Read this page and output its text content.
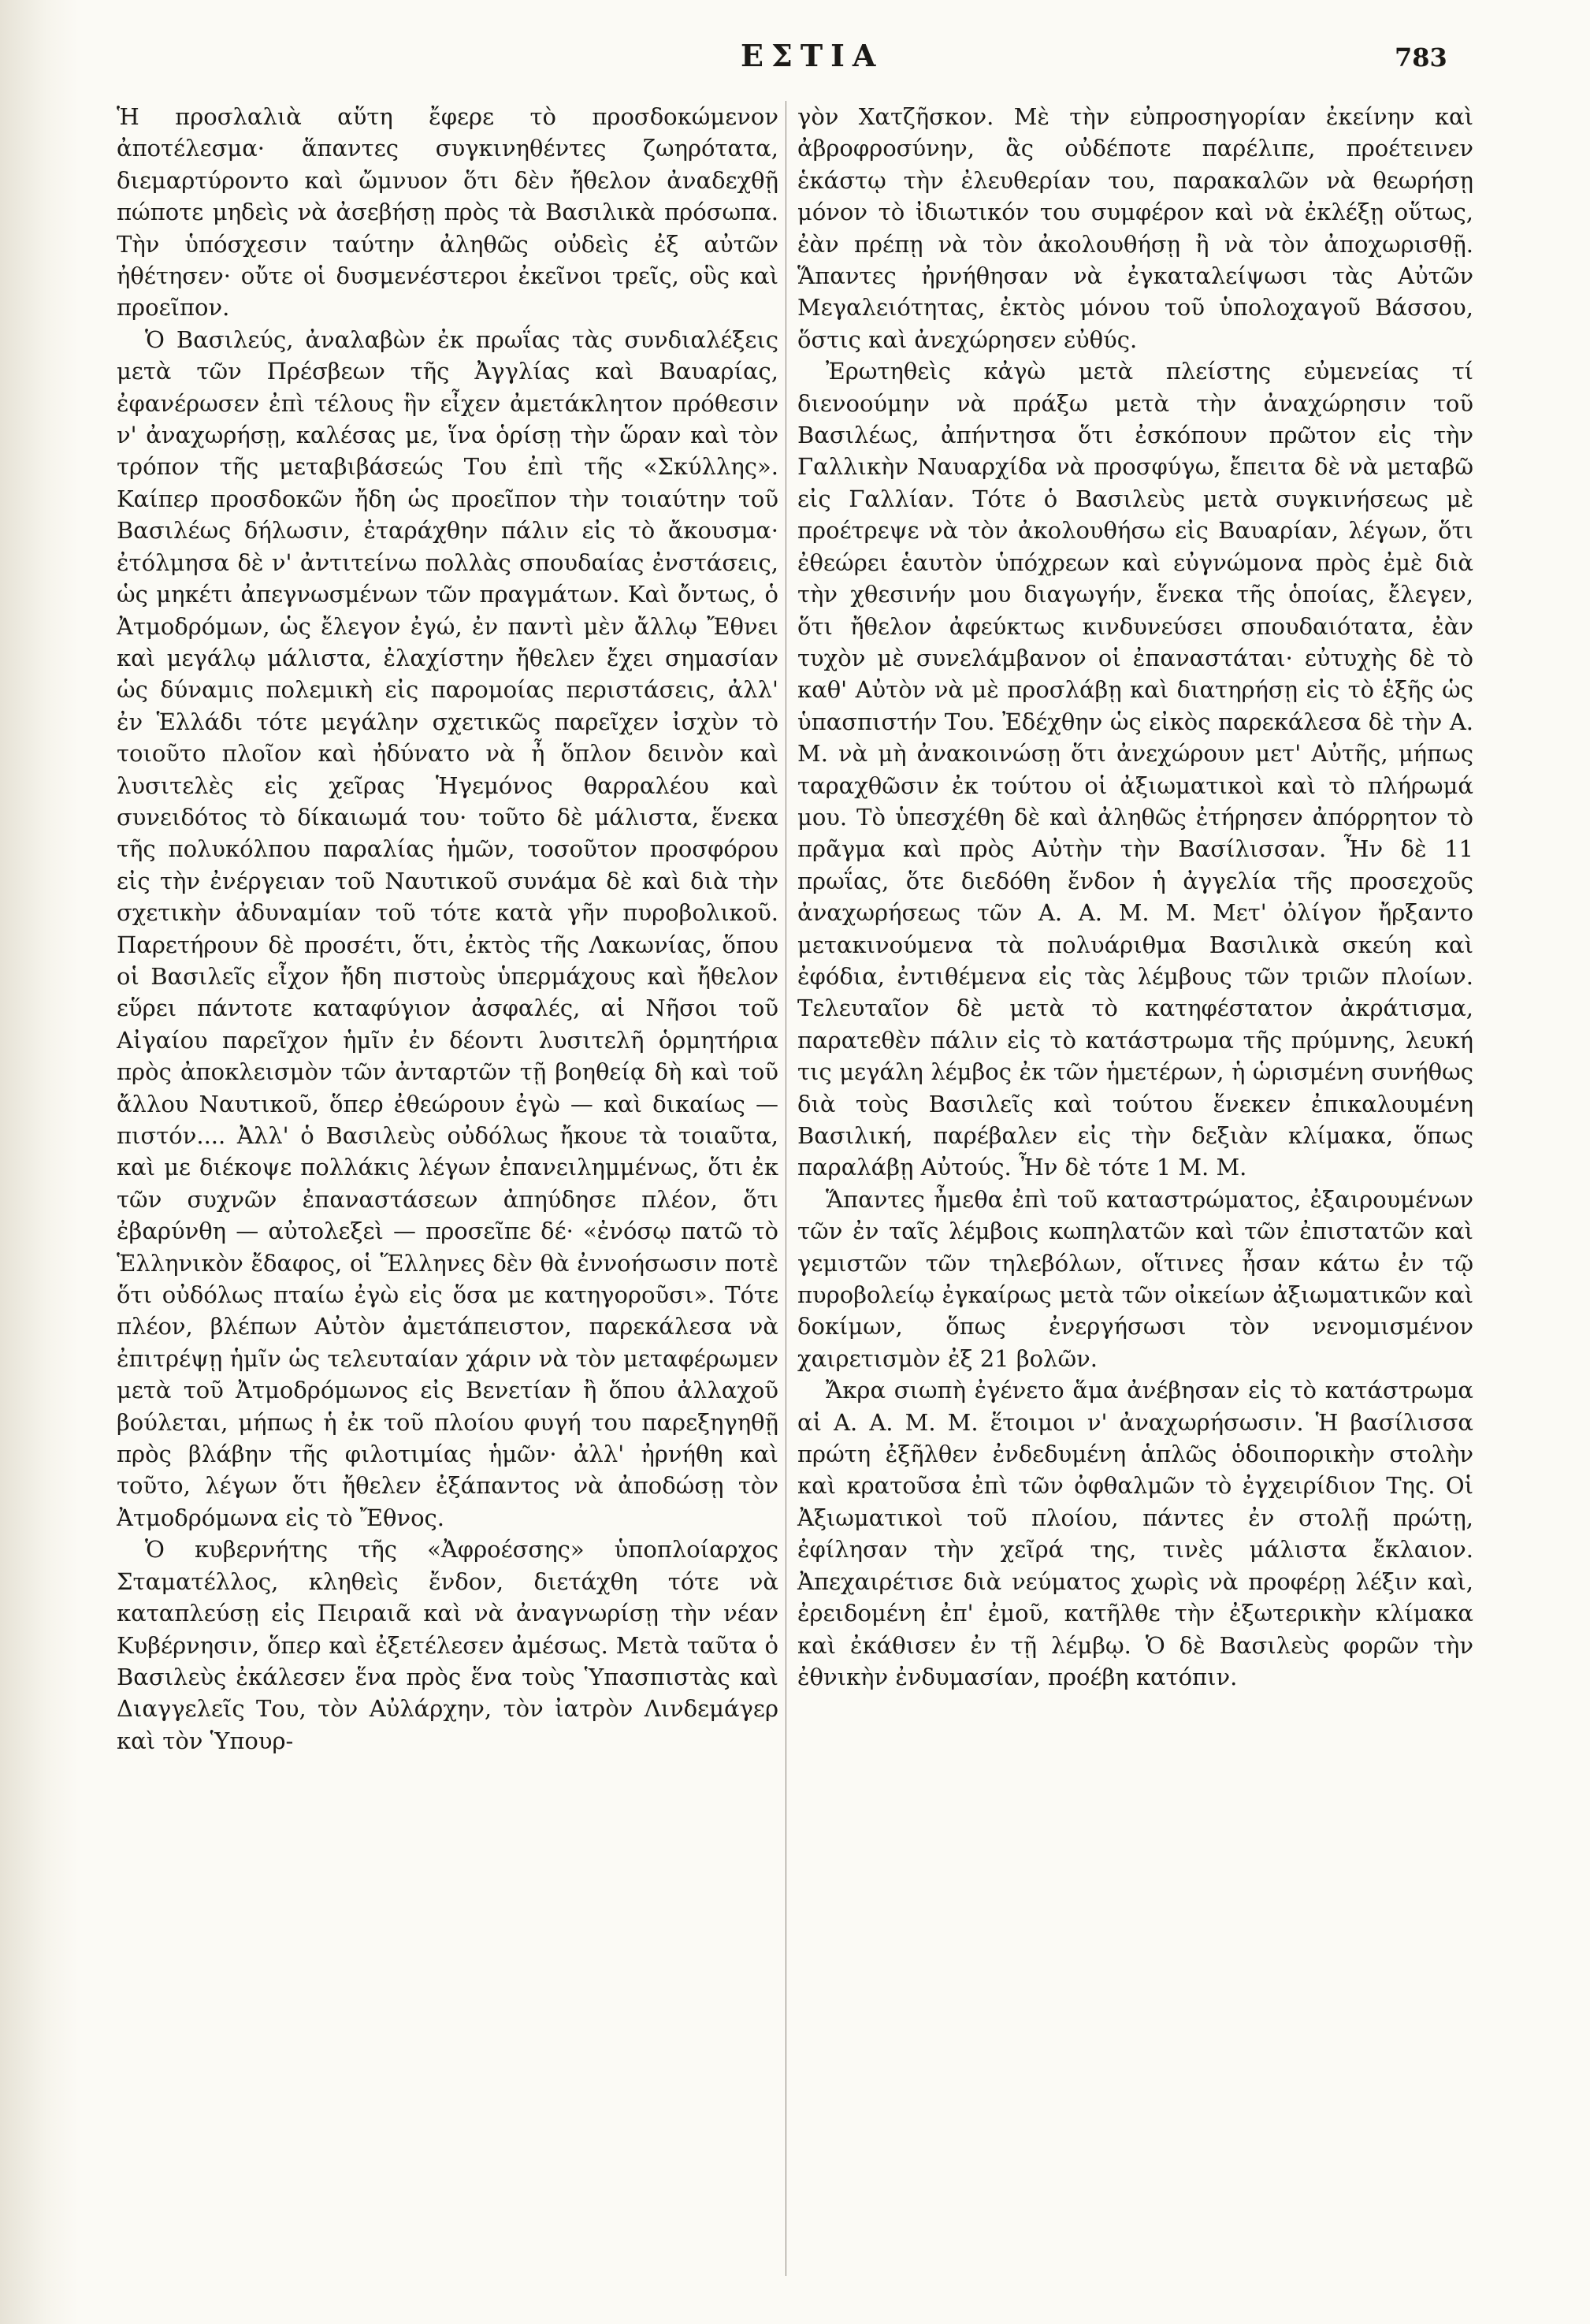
ΕΣΤΙΑ	783

Ἡ προσλαλιὰ αὕτη ἔφερε τὸ προσδοκώμενον ἀποτέλεσμα· ἅπαντες συγκινηθέντες ζωηρότατα, διεμαρτύροντο καὶ ὤμνυον ὅτι δὲν ἤθελον ἀναδεχθῇ πώποτε μηδεὶς νὰ ἀσεβήσῃ πρὸς τὰ Βασιλικὰ πρόσωπα. Τὴν ὑπόσχεσιν ταύτην ἀληθῶς οὐδεὶς ἐξ αὐτῶν ἠθέτησεν· οὔτε οἱ δυσμενέστεροι ἐκεῖνοι τρεῖς, οὓς καὶ προεῖπον.

Ὁ Βασιλεύς, ἀναλαβὼν ἐκ πρωΐας τὰς συνδιαλέξεις μετὰ τῶν Πρέσβεων τῆς Ἀγγλίας καὶ Βαυαρίας, ἐφανέρωσεν ἐπὶ τέλους ἣν εἶχεν ἀμετάκλητον πρόθεσιν ν' ἀναχωρήσῃ, καλέσας με, ἵνα ὁρίσῃ τὴν ὥραν καὶ τὸν τρόπον τῆς μεταβιβάσεώς Του ἐπὶ τῆς «Σκύλλης». Καίπερ προσδοκῶν ἤδη ὡς προεῖπον τὴν τοιαύτην τοῦ Βασιλέως δήλωσιν, ἐταράχθην πάλιν εἰς τὸ ἄκουσμα· ἐτόλμησα δὲ ν' ἀντιτείνω πολλὰς σπουδαίας ἐνστάσεις, ὡς μηκέτι ἀπεγνωσμένων τῶν πραγμάτων. Καὶ ὄντως, ὁ Ἀτμοδρόμων, ὡς ἔλεγον ἐγώ, ἐν παντὶ μὲν ἄλλῳ Ἔθνει καὶ μεγάλῳ μάλιστα, ἐλαχίστην ἤθελεν ἔχει σημασίαν ὡς δύναμις πολεμικὴ εἰς παρομοίας περιστάσεις, ἀλλ' ἐν Ἑλλάδι τότε μεγάλην σχετικῶς παρεῖχεν ἰσχὺν τὸ τοιοῦτο πλοῖον καὶ ἠδύνατο νὰ ἦ ὅπλον δεινὸν καὶ λυσιτελὲς εἰς χεῖρας Ἡγεμόνος θαρραλέου καὶ συνειδότος τὸ δίκαιωμά του· τοῦτο δὲ μάλιστα, ἕνεκα τῆς πολυκόλπου παραλίας ἡμῶν, τοσοῦτον προσφόρου εἰς τὴν ἐνέργειαν τοῦ Ναυτικοῦ συνάμα δὲ καὶ διὰ τὴν σχετικὴν ἀδυναμίαν τοῦ τότε κατὰ γῆν πυροβολικοῦ. Παρετήρουν δὲ προσέτι, ὅτι, ἐκτὸς τῆς Λακωνίας, ὅπου οἱ Βασιλεῖς εἶχον ἤδη πιστοὺς ὑπερμάχους καὶ ἤθελον εὕρει πάντοτε καταφύγιον ἀσφαλές, αἱ Νῆσοι τοῦ Αἰγαίου παρεῖχον ἡμῖν ἐν δέοντι λυσιτελῆ ὁρμητήρια πρὸς ἀποκλεισμὸν τῶν ἀνταρτῶν τῇ βοηθείᾳ δὴ καὶ τοῦ ἄλλου Ναυτικοῦ, ὅπερ ἐθεώρουν ἐγὼ — καὶ δικαίως — πιστόν.... Ἀλλ' ὁ Βασιλεὺς οὐδόλως ἤκουε τὰ τοιαῦτα, καὶ με διέκοψε πολλάκις λέγων ἐπανειλημμένως, ὅτι ἐκ τῶν συχνῶν ἐπαναστάσεων ἀπηύδησε πλέον, ὅτι ἐβαρύνθη — αὐτολεξεὶ — προσεῖπε δέ· «ἐνόσῳ πατῶ τὸ Ἑλληνικὸν ἔδαφος, οἱ Ἕλληνες δὲν θὰ ἐννοήσωσιν ποτὲ ὅτι οὐδόλως πταίω ἐγὼ εἰς ὅσα με κατηγοροῦσι». Τότε πλέον, βλέπων Αὐτὸν ἀμετάπειστον, παρεκάλεσα νὰ ἐπιτρέψῃ ἡμῖν ὡς τελευταίαν χάριν νὰ τὸν μεταφέρωμεν μετὰ τοῦ Ἀτμοδρόμωνος εἰς Βενετίαν ἢ ὅπου ἀλλαχοῦ βούλεται, μήπως ἡ ἐκ τοῦ πλοίου φυγή του παρεξηγηθῇ πρὸς βλάβην τῆς φιλοτιμίας ἡμῶν· ἀλλ' ἠρνήθη καὶ τοῦτο, λέγων ὅτι ἤθελεν ἐξάπαντος νὰ ἀποδώσῃ τὸν Ἀτμοδρόμωνα εἰς τὸ Ἔθνος.

Ὁ κυβερνήτης τῆς «Ἀφροέσσης» ὑποπλοίαρχος Σταματέλλος, κληθεὶς ἔνδον, διετάχθη τότε νὰ καταπλεύσῃ εἰς Πειραιᾶ καὶ νὰ ἀναγνωρίσῃ τὴν νέαν Κυβέρνησιν, ὅπερ καὶ ἐξετέλεσεν ἀμέσως. Μετὰ ταῦτα ὁ Βασιλεὺς ἐκάλεσεν ἕνα πρὸς ἕνα τοὺς Ὑπασπιστὰς καὶ Διαγγελεῖς Του, τὸν Αὐλάρχην, τὸν ἰατρὸν Λινδεμάγερ καὶ τὸν Ὑπουρ-

γὸν Χατζῆσκον. Μὲ τὴν εὐπροσηγορίαν ἐκείνην καὶ ἀβροφροσύνην, ἃς οὐδέποτε παρέλιπε, προέτεινεν ἑκάστῳ τὴν ἐλευθερίαν του, παρακαλῶν νὰ θεωρήσῃ μόνον τὸ ἰδιωτικόν του συμφέρον καὶ νὰ ἐκλέξῃ οὕτως, ἐὰν πρέπῃ νὰ τὸν ἀκολουθήσῃ ἢ νὰ τὸν ἀποχωρισθῇ. Ἅπαντες ἠρνήθησαν νὰ ἐγκαταλείψωσι τὰς Αὐτῶν Μεγαλειότητας, ἐκτὸς μόνου τοῦ ὑπολοχαγοῦ Βάσσου, ὅστις καὶ ἀνεχώρησεν εὐθύς.

Ἐρωτηθεὶς κἀγὼ μετὰ πλείστης εὐμενείας τί διενοούμην νὰ πράξω μετὰ τὴν ἀναχώρησιν τοῦ Βασιλέως, ἀπήντησα ὅτι ἐσκόπουν πρῶτον εἰς τὴν Γαλλικὴν Ναυαρχίδα νὰ προσφύγω, ἔπειτα δὲ νὰ μεταβῶ εἰς Γαλλίαν. Τότε ὁ Βασιλεὺς μετὰ συγκινήσεως μὲ προέτρεψε νὰ τὸν ἀκολουθήσω εἰς Βαυαρίαν, λέγων, ὅτι ἐθεώρει ἑαυτὸν ὑπόχρεων καὶ εὐγνώμονα πρὸς ἐμὲ διὰ τὴν χθεσινήν μου διαγωγήν, ἕνεκα τῆς ὁποίας, ἔλεγεν, ὅτι ἤθελον ἀφεύκτως κινδυνεύσει σπουδαιότατα, ἐὰν τυχὸν μὲ συνελάμβανον οἱ ἐπαναστάται· εὐτυχὴς δὲ τὸ καθ' Αὐτὸν νὰ μὲ προσλάβῃ καὶ διατηρήσῃ εἰς τὸ ἑξῆς ὡς ὑπασπιστήν Του. Ἐδέχθην ὡς εἰκὸς παρεκάλεσα δὲ τὴν Α. Μ. νὰ μὴ ἀνακοινώσῃ ὅτι ἀνεχώρουν μετ' Αὐτῆς, μήπως ταραχθῶσιν ἐκ τούτου οἱ ἀξιωματικοὶ καὶ τὸ πλήρωμά μου. Τὸ ὑπεσχέθη δὲ καὶ ἀληθῶς ἐτήρησεν ἀπόρρητον τὸ πρᾶγμα καὶ πρὸς Αὐτὴν τὴν Βασίλισσαν. Ἦν δὲ 11 πρωΐας, ὅτε διεδόθη ἔνδον ἡ ἀγγελία τῆς προσεχοῦς ἀναχωρήσεως τῶν Α. Α. Μ. Μ. Μετ' ὀλίγον ἤρξαντο μετακινούμενα τὰ πολυάριθμα Βασιλικὰ σκεύη καὶ ἐφόδια, ἐντιθέμενα εἰς τὰς λέμβους τῶν τριῶν πλοίων. Τελευταῖον δὲ μετὰ τὸ κατηφέστατον ἀκράτισμα, παρατεθὲν πάλιν εἰς τὸ κατάστρωμα τῆς πρύμνης, λευκή τις μεγάλη λέμβος ἐκ τῶν ἡμετέρων, ἡ ὡρισμένη συνήθως διὰ τοὺς Βασιλεῖς καὶ τούτου ἕνεκεν ἐπικαλουμένη Βασιλική, παρέβαλεν εἰς τὴν δεξιὰν κλίμακα, ὅπως παραλάβῃ Αὐτούς. Ἦν δὲ τότε 1 Μ. Μ.

Ἅπαντες ἦμεθα ἐπὶ τοῦ καταστρώματος, ἐξαιρουμένων τῶν ἐν ταῖς λέμβοις κωπηλατῶν καὶ τῶν ἐπιστατῶν καὶ γεμιστῶν τῶν τηλεβόλων, οἵτινες ἦσαν κάτω ἐν τῷ πυροβολείῳ ἐγκαίρως μετὰ τῶν οἰκείων ἀξιωματικῶν καὶ δοκίμων, ὅπως ἐνεργήσωσι τὸν νενομισμένον χαιρετισμὸν ἐξ 21 βολῶν.

Ἄκρα σιωπὴ ἐγένετο ἅμα ἀνέβησαν εἰς τὸ κατάστρωμα αἱ Α. Α. Μ. Μ. ἕτοιμοι ν' ἀναχωρήσωσιν. Ἡ βασίλισσα πρώτη ἐξῆλθεν ἐνδεδυμένη ἁπλῶς ὁδοιπορικὴν στολὴν καὶ κρατοῦσα ἐπὶ τῶν ὀφθαλμῶν τὸ ἐγχειρίδιον Της. Οἱ Ἀξιωματικοὶ τοῦ πλοίου, πάντες ἐν στολῇ πρώτῃ, ἐφίλησαν τὴν χεῖρά της, τινὲς μάλιστα ἔκλαιον. Ἀπεχαιρέτισε διὰ νεύματος χωρὶς νὰ προφέρῃ λέξιν καὶ, ἐρειδομένη ἐπ' ἐμοῦ, κατῆλθε τὴν ἐξωτερικὴν κλίμακα καὶ ἐκάθισεν ἐν τῇ λέμβῳ. Ὁ δὲ Βασιλεὺς φορῶν τὴν ἐθνικὴν ἐνδυμασίαν, προέβη κατόπιν.
